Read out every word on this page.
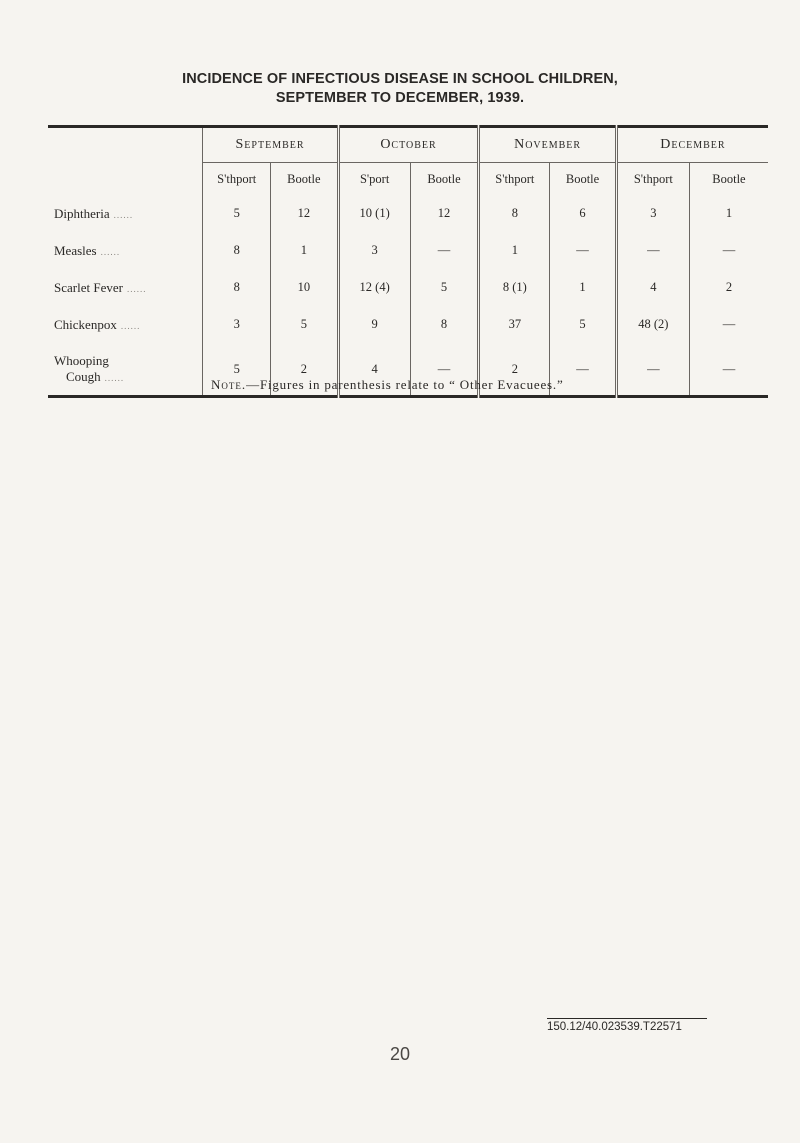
INCIDENCE OF INFECTIOUS DISEASE IN SCHOOL CHILDREN,
SEPTEMBER TO DECEMBER, 1939.
	September		October		November		December	
	S'thport	Bootle	S'port	Bootle	S'thport	Bootle	S'thport	Bootle

Diphtheria ......	5	12	10 (1)	12	8	6	3	1

Measles ......	8	1	3	—	1	—	—	—

Scarlet Fever ......	8	10	12 (4)	5	8 (1)	1	4	2

Chickenpox ......	3	5	9	8	37	5	48 (2)	—

Whooping
Cough ......	5	2	4	—	2	—	—	—
Note.—Figures in parenthesis relate to “ Other Evacuees.”
150.12/40.023539.T22571
20
